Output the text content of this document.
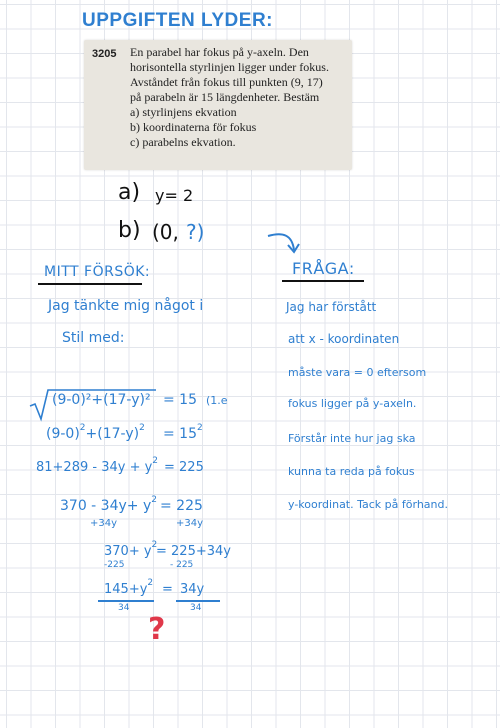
UPPGIFTEN LYDER:
3205 En parabel har fokus på y-axeln. Den

horisontella styrlinjen ligger under fokus.

Avståndet från fokus till punkten (9, 17)

på parabeln är 15 längdenheter. Bestäm

a) styrlinjens ekvation

b) koordinaterna för fokus

c) parabelns ekvation.

a) y= 2
b) (0, ?)
MITT FÖRSÖK:	FRÅGA:
Jag tänkte mig något i
Stil med:
(9-0)²+(17-y)² = 15 (1.e
$(9-0)^2+(17-y)^2 = 15^2$
$81+289 - 34y + y^2 = 225$
$370 - 34y+ y^2 = 225$
+34y	+34y
$370+ y^2$
= 225+34y
-225	- 225
$145+y^2 = 34y$
34	34
?
Jag har förstått
att x - koordinaten
måste vara = 0 eftersom
fokus ligger på y-axeln.
Förstår inte hur jag ska
kunna ta reda på fokus
y-koordinat. Tack på förhand.
